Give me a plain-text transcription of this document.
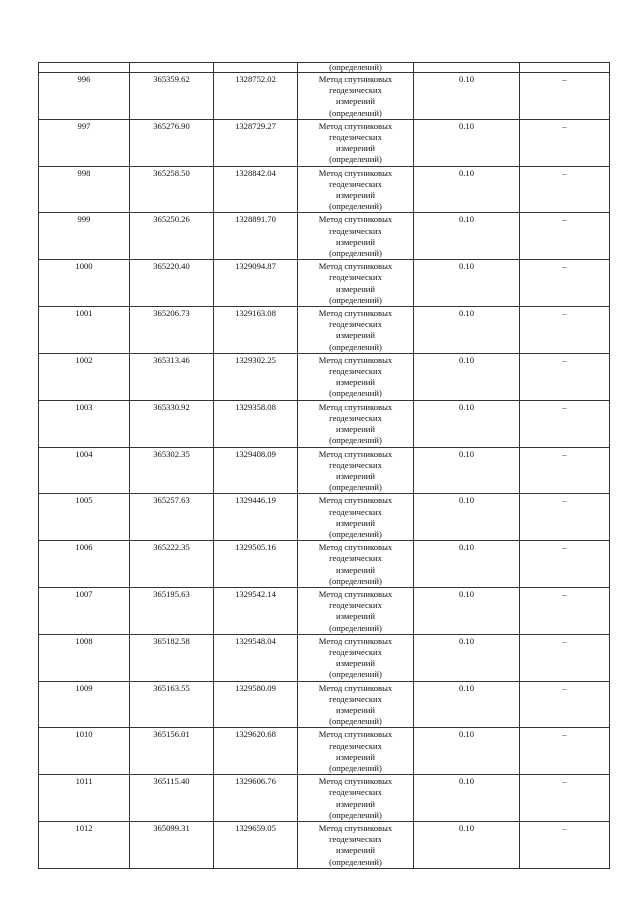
			(определений)		
996	365359.62	1328752.02	Метод спутниковых
геодезических
измерений
(определений)	0.10	–
997	365276.90	1328729.27	Метод спутниковых
геодезических
измерений
(определений)	0.10	–
998	365258.50	1328842.04	Метод спутниковых
геодезических
измерений
(определений)	0.10	–
999	365250.26	1328891.70	Метод спутниковых
геодезических
измерений
(определений)	0.10	–
1000	365220.40	1329094.87	Метод спутниковых
геодезических
измерений
(определений)	0.10	–
1001	365206.73	1329163.08	Метод спутниковых
геодезических
измерений
(определений)	0.10	–
1002	365313.46	1329302.25	Метод спутниковых
геодезических
измерений
(определений)	0.10	–
1003	365330.92	1329358.08	Метод спутниковых
геодезических
измерений
(определений)	0.10	–
1004	365302.35	1329408.09	Метод спутниковых
геодезических
измерений
(определений)	0.10	–
1005	365257.63	1329446.19	Метод спутниковых
геодезических
измерений
(определений)	0.10	–
1006	365222.35	1329505.16	Метод спутниковых
геодезических
измерений
(определений)	0.10	–
1007	365195.63	1329542.14	Метод спутниковых
геодезических
измерений
(определений)	0.10	–
1008	365182.58	1329548.04	Метод спутниковых
геодезических
измерений
(определений)	0.10	–
1009	365163.55	1329580.09	Метод спутниковых
геодезических
измерений
(определений)	0.10	–
1010	365156.01	1329620.68	Метод спутниковых
геодезических
измерений
(определений)	0.10	–
1011	365115.40	1329606.76	Метод спутниковых
геодезических
измерений
(определений)	0.10	–
1012	365099.31	1329659.05	Метод спутниковых
геодезических
измерений
(определений)	0.10	–
